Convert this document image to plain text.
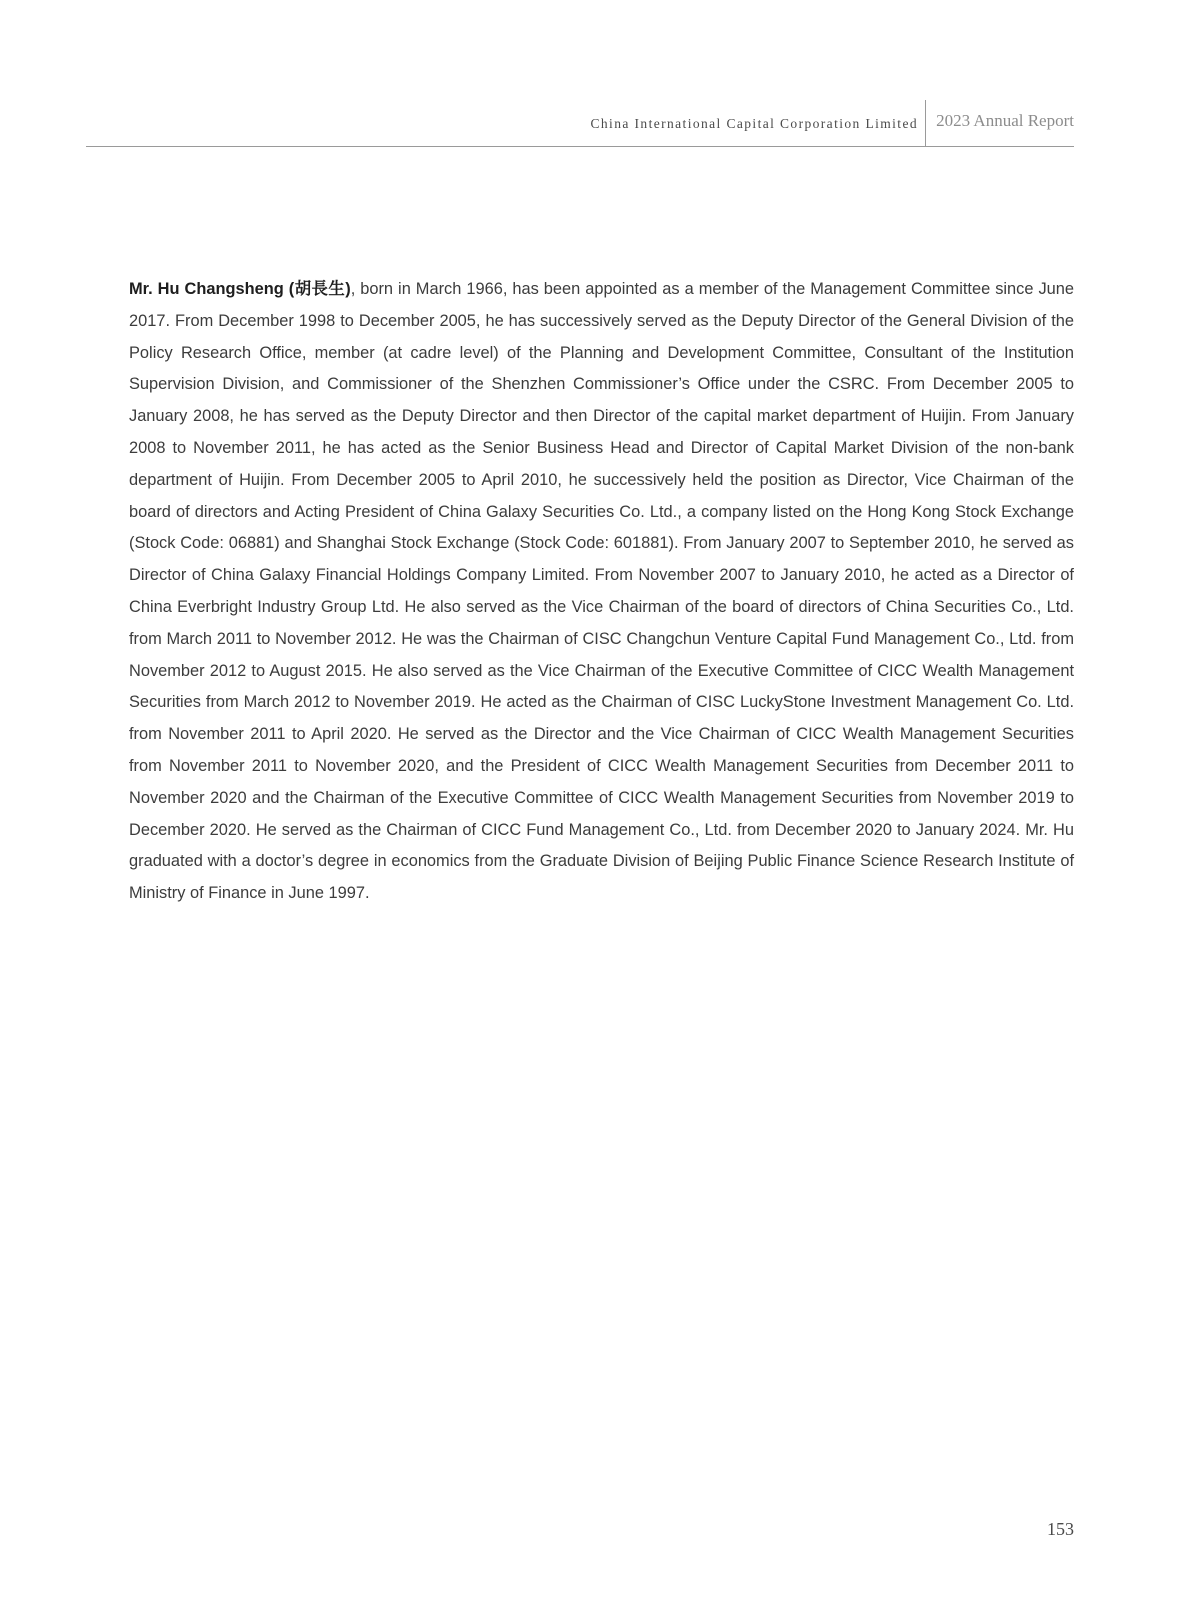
China International Capital Corporation Limited 2023 Annual Report

Mr. Hu Changsheng (胡長生), born in March 1966, has been appointed as a member of the Management Committee since June 2017. From December 1998 to December 2005, he has successively served as the Deputy Director of the General Division of the Policy Research Office, member (at cadre level) of the Planning and Development Committee, Consultant of the Institution Supervision Division, and Commissioner of the Shenzhen Commissioner’s Office under the CSRC. From December 2005 to January 2008, he has served as the Deputy Director and then Director of the capital market department of Huijin. From January 2008 to November 2011, he has acted as the Senior Business Head and Director of Capital Market Division of the non-bank department of Huijin. From December 2005 to April 2010, he successively held the position as Director, Vice Chairman of the board of directors and Acting President of China Galaxy Securities Co. Ltd., a company listed on the Hong Kong Stock Exchange (Stock Code: 06881) and Shanghai Stock Exchange (Stock Code: 601881). From January 2007 to September 2010, he served as Director of China Galaxy Financial Holdings Company Limited. From November 2007 to January 2010, he acted as a Director of China Everbright Industry Group Ltd. He also served as the Vice Chairman of the board of directors of China Securities Co., Ltd. from March 2011 to November 2012. He was the Chairman of CISC Changchun Venture Capital Fund Management Co., Ltd. from November 2012 to August 2015. He also served as the Vice Chairman of the Executive Committee of CICC Wealth Management Securities from March 2012 to November 2019. He acted as the Chairman of CISC LuckyStone Investment Management Co. Ltd. from November 2011 to April 2020. He served as the Director and the Vice Chairman of CICC Wealth Management Securities from November 2011 to November 2020, and the President of CICC Wealth Management Securities from December 2011 to November 2020 and the Chairman of the Executive Committee of CICC Wealth Management Securities from November 2019 to December 2020. He served as the Chairman of CICC Fund Management Co., Ltd. from December 2020 to January 2024. Mr. Hu graduated with a doctor’s degree in economics from the Graduate Division of Beijing Public Finance Science Research Institute of Ministry of Finance in June 1997.

153
